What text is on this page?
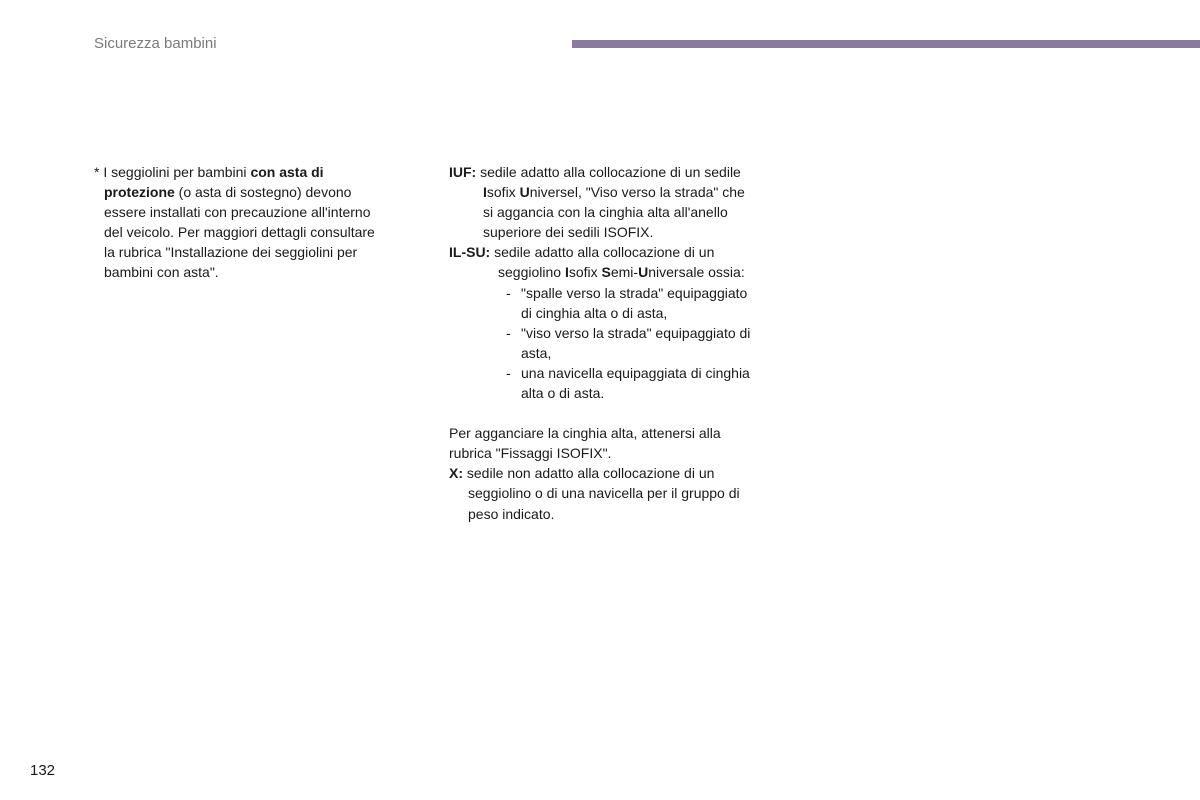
Sicurezza bambini
* I seggiolini per bambini con asta di
protezione (o asta di sostegno) devono
essere installati con precauzione all'interno
del veicolo. Per maggiori dettagli consultare
la rubrica "Installazione dei seggiolini per
bambini con asta".
IUF: sedile adatto alla collocazione di un sedile
Isofix Universel, "Viso verso la strada" che
si aggancia con la cinghia alta all'anello
superiore dei sedili ISOFIX.
IL-SU: sedile adatto alla collocazione di un
seggiolino Isofix Semi-Universale ossia:
- "spalle verso la strada" equipaggiato
di cinghia alta o di asta,
- "viso verso la strada" equipaggiato di
asta,
- una navicella equipaggiata di cinghia
alta o di asta.
Per agganciare la cinghia alta, attenersi alla
rubrica "Fissaggi ISOFIX".
X: sedile non adatto alla collocazione di un
seggiolino o di una navicella per il gruppo di
peso indicato.
132
